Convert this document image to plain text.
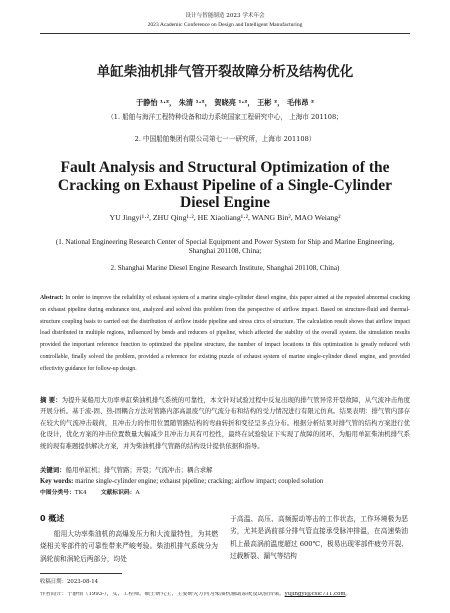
设计与智能制造 2023 学术年会
2023 Academic Conference on Design and Intelligent Manufacturing
单缸柴油机排气管开裂故障分析及结构优化
于静怡 ¹·²， 朱清 ¹·²， 贺晓亮 ¹·²， 王彬 ²， 毛伟昂 ²
（1. 船舶与海洋工程特种设备和动力系统国家工程研究中心， 上海市 201108；
2. 中国船舶集团有限公司第七一一研究所，上海市 201108）
Fault Analysis and Structural Optimization of the Cracking on Exhaust Pipeline of a Single-Cylinder Diesel Engine
YU Jingyi¹·², ZHU Qing¹·², HE Xiaoliang¹·², WANG Bin², MAO Weiang²
(1. National Engineering Research Center of Special Equipment and Power System for Ship and Marine Engineering, Shanghai 201108, China;
2. Shanghai Marine Diesel Engine Research Institute, Shanghai 201108, China)
Abstract: In order to improve the reliability of exhaust system of a marine single-cylinder diesel engine, this paper aimed at the repeated abnormal cracking on exhaust pipeline during endurance test, analyzed and solved this problem from the perspective of airflow impact. Based on structure-fluid and thermal-structure coupling basis to carried out the distribution of airflow inside pipeline and stress circs of structure. The calculation result shows that airflow impact load distributed in multiple regions, influenced by bends and reducers of pipeline, which affected the stability of the overall system. the simulation results provided the important reference function to optimized the pipeline structure, the number of impact locations in this optimization is greatly reduced with controllable, finally solved the problem, provided a reference for existing puzzle of exhaust system of marine single-cylinder diesel engine, and provided effectivity guidance for follow-up design.
摘 要：为提升某船用大功率单缸柴油机排气系统的可靠性，本文针对试验过程中反复出现的排气管异常开裂故障，从气流冲击角度开展分析。基于流-固、热-固耦合方法对管路内部高温废气的气流分布和结构的受力情况进行有限元仿真。结果表明：排气管内部存在较大的气流冲击载荷，且冲击力的作用位置随管路结构的弯曲转折和变径呈多点分布。根据分析结果对排气管的结构方案进行优化设计，优化方案的冲击位置数量大幅减少且冲击力具有可控性，最终在试验验证下实现了故障的闭环，为船用单缸柴油机排气系统的现有难题提供解决方案，并为柴油机排气管路的结构设计提供依据和指导。
关键词：船用单缸机；排气管路；开裂；气流冲击；耦合求解
Key words: marine single-cylinder engine; exhaust pipeline; cracking; airflow impact; coupled solution
中图分类号：TK4 文献标识码：A
0 概述
　　船用大功率柴油机的高爆发压力和大流量特性，为其燃烧相关零部件的可靠性带来严峻考验。柴油机排气系统分为涡轮前和涡轮后两部分，均处
于高温、高压、高频振动等击的工作状态，工作环境极为恶劣，尤其是涡前部分排气管直接承受脉冲排温，在高速柴油机上最高涡前温度超过 600℃，极易出现零部件疲劳开裂、过载断裂、漏气等结构
收稿日期：2023-08-14
作者简介：于静怡（1993-），女，工程师，硕士研究生，主要研究方向为柴油机辅助系统及试验台架。yujingyi@csic711.com。
